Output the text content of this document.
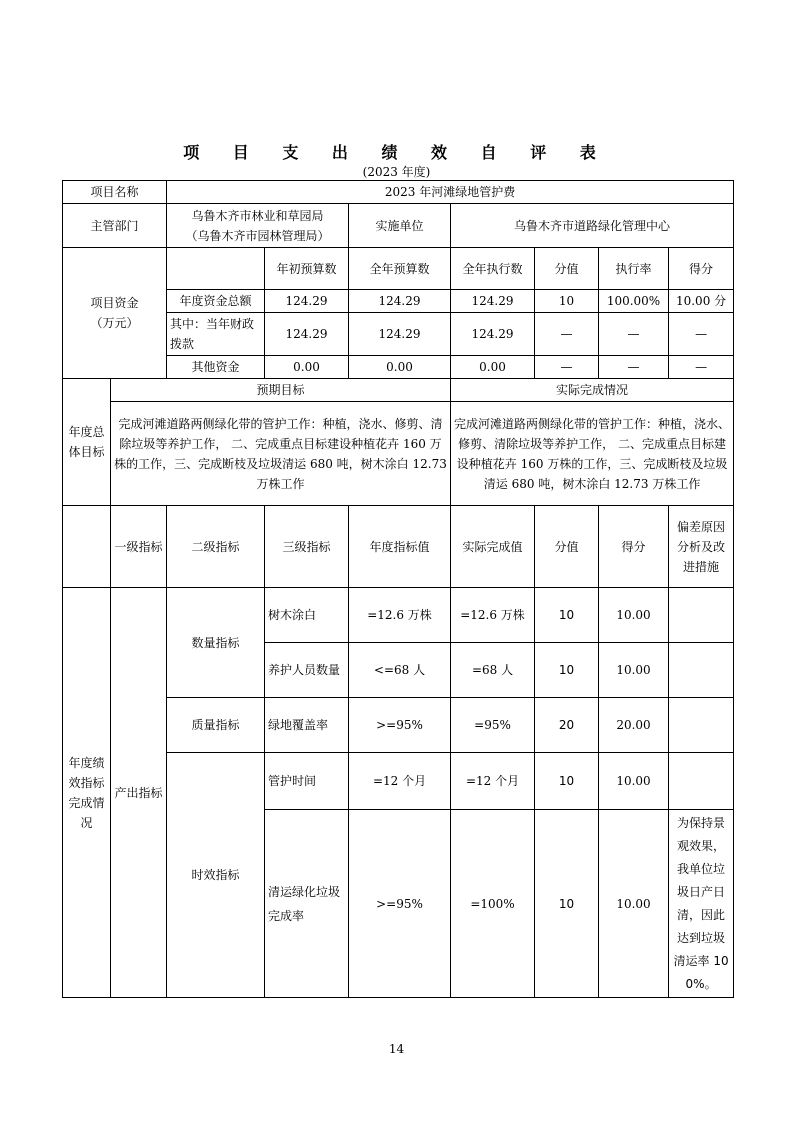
项 目 支 出 绩 效 自 评 表
(2023 年度)
项目名称		2023 年河滩绿地管护费						
主管部门		乌鲁木齐市林业和草园局
（乌鲁木齐市园林管理局）		实施单位	乌鲁木齐市道路绿化管理中心			

项目资金
（万元）			年初预算数	全年预算数	全年执行数	分值	执行率	得分
		年度资金总额	124.29	124.29	124.29	10	100.00%	10.00 分
		其中：当年财政拨款	124.29	124.29	124.29	—	—	—
		其他资金	0.00	0.00	0.00	—	—	—
年度总体目标	预期目标				实际完成情况			
	完成河滩道路两侧绿化带的管护工作：种植，浇水、修剪、清除垃圾等养护工作， 二、完成重点目标建设种植花卉 160 万株的工作，三、完成断枝及垃圾清运 680 吨，树木涂白 12.73 万株工作				完成河滩道路两侧绿化带的管护工作：种植，浇水、修剪、清除垃圾等养护工作， 二、完成重点目标建设种植花卉 160 万株的工作，三、完成断枝及垃圾清运 680 吨，树木涂白 12.73 万株工作			
	一级指标	二级指标	三级指标	年度指标值	实际完成值	分值	得分	偏差原因分析及改进措施
年度绩效指标完成情况	产出指标	数量指标	树木涂白	=12.6 万株	=12.6 万株	10	10.00	
			养护人员数量	<=68 人	=68 人	10	10.00	
		质量指标	绿地覆盖率	>=95%	=95%	20	20.00	
		时效指标	管护时间	=12 个月	=12 个月	10	10.00	
			清运绿化垃圾完成率	>=95%	=100%	10	10.00	为保持景观效果，我单位垃圾日产日清，因此达到垃圾清运率 100%。
14
